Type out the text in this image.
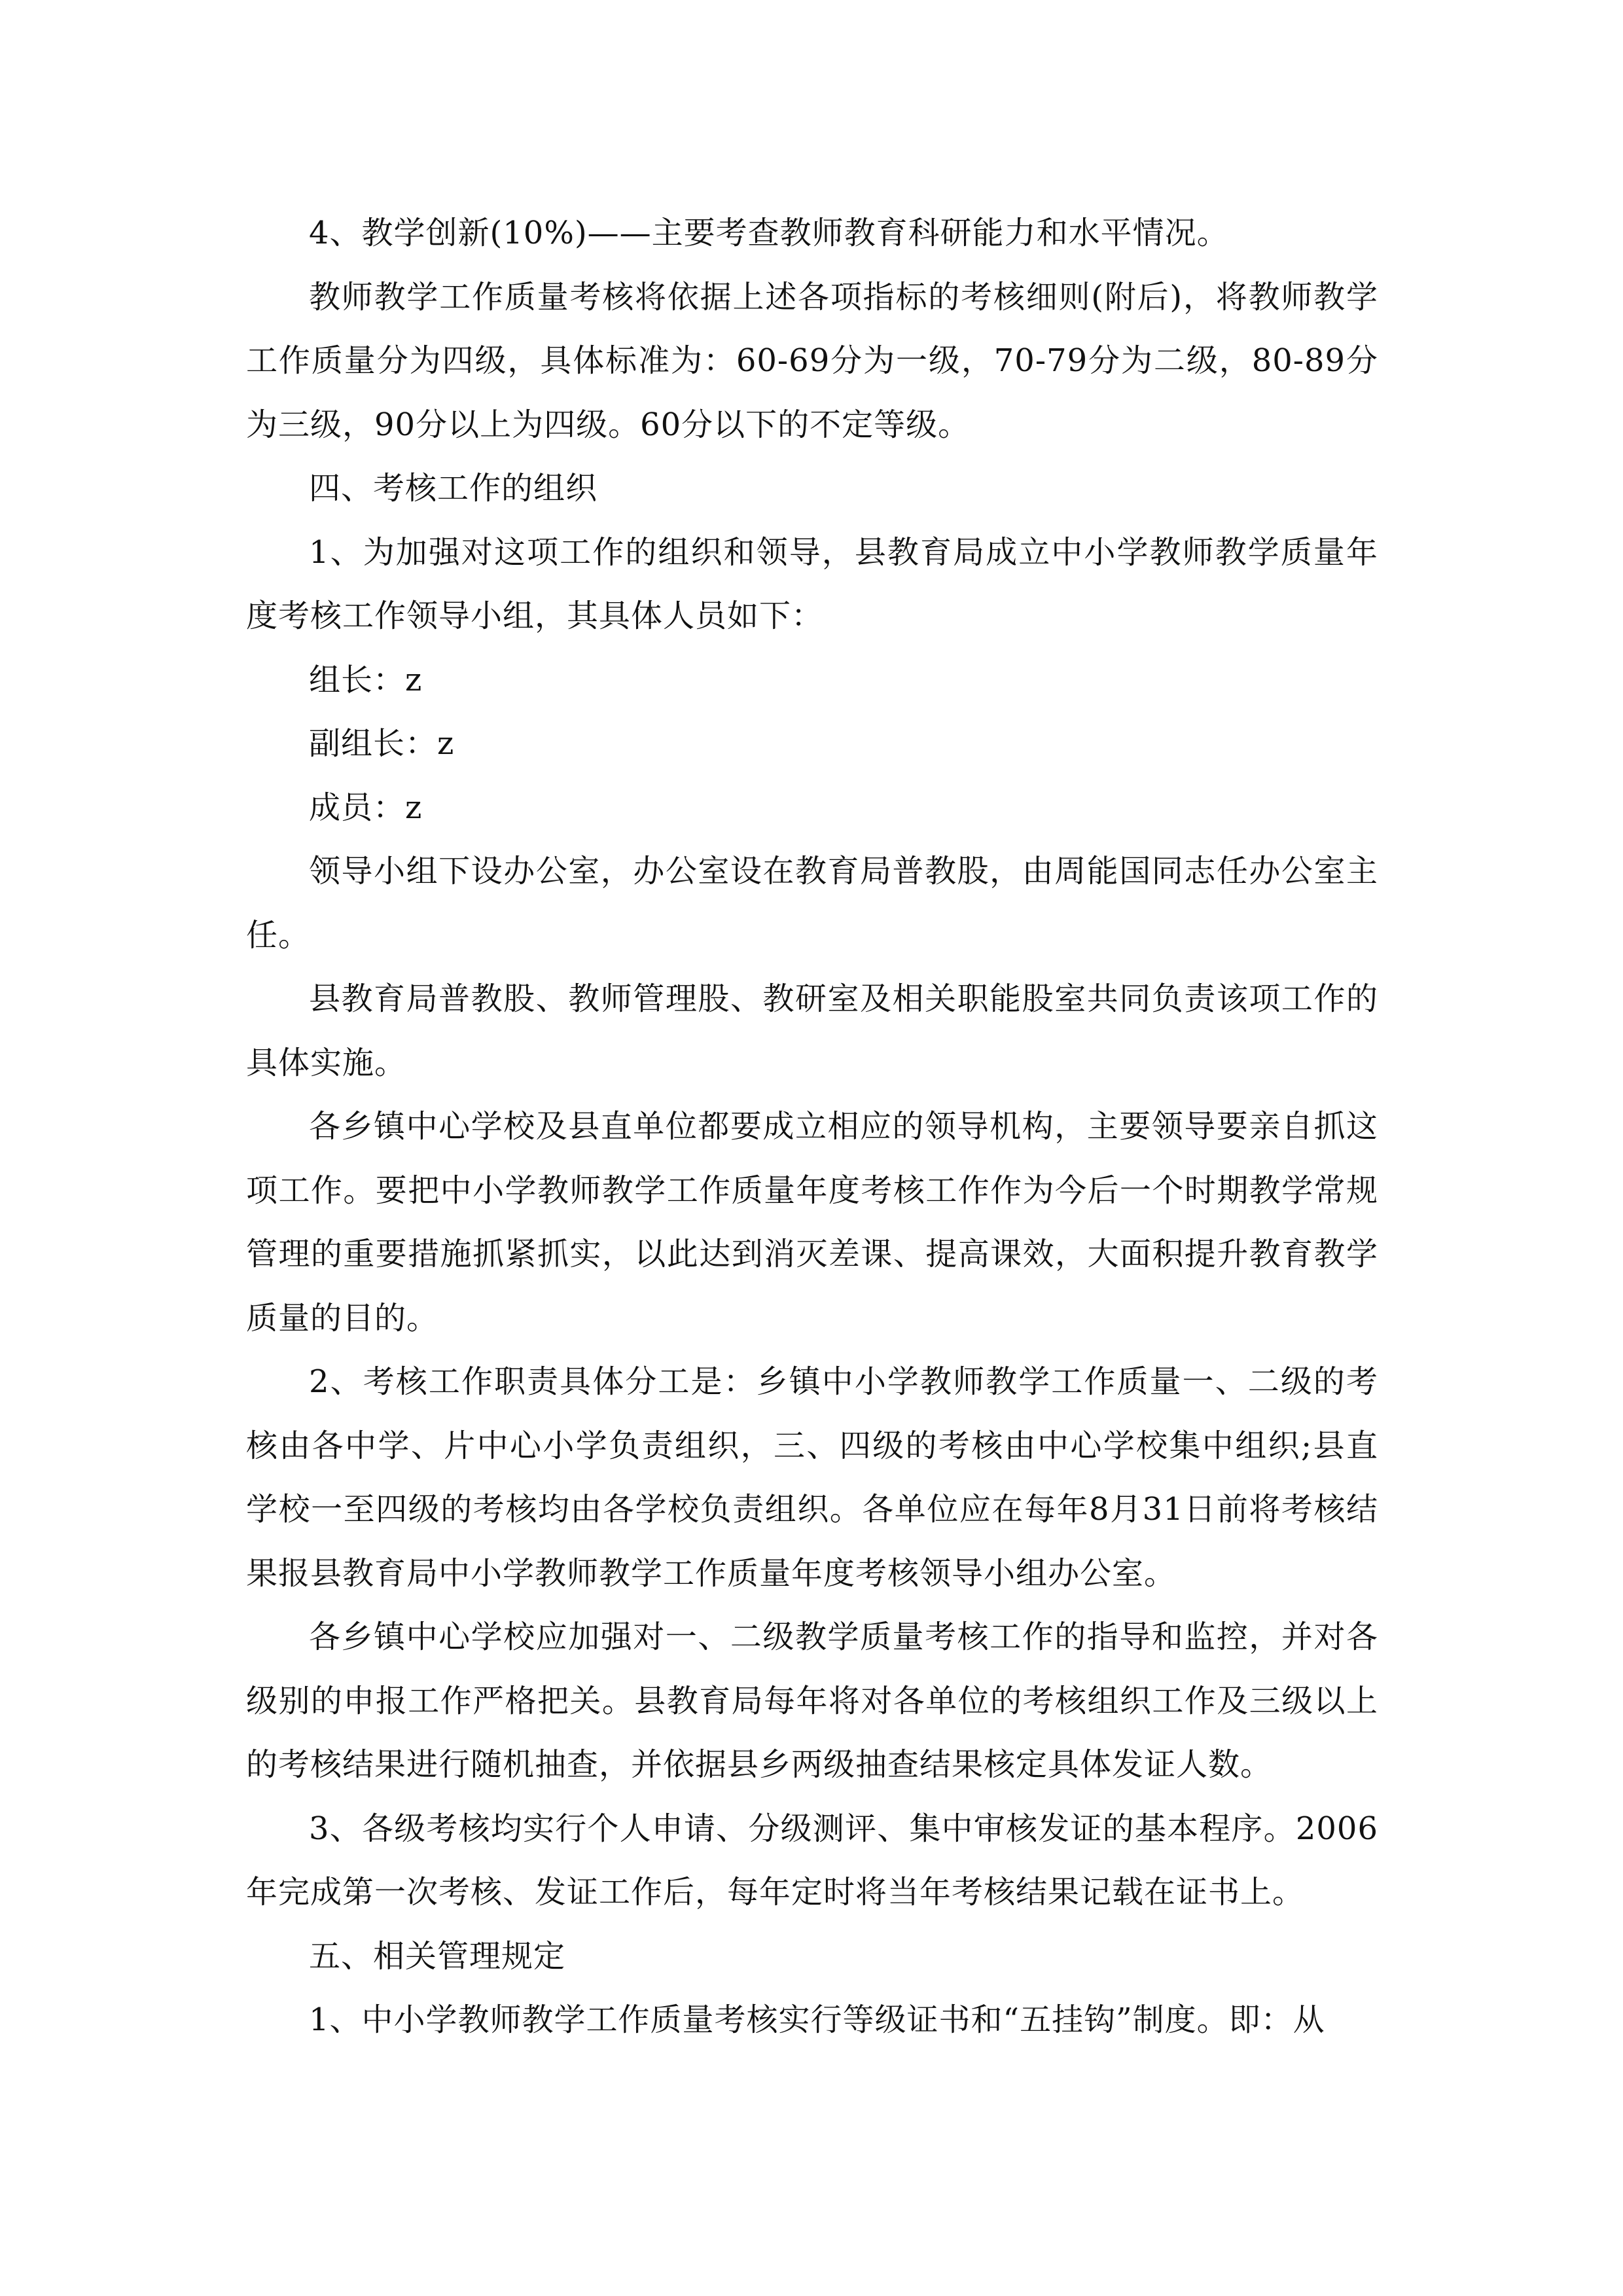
4、教学创新(10%)——主要考查教师教育科研能力和水平情况。

教师教学工作质量考核将依据上述各项指标的考核细则(附后)，将教师教学工作质量分为四级，具体标准为：60-69分为一级，70-79分为二级，80-89分为三级，90分以上为四级。60分以下的不定等级。

四、考核工作的组织

1、为加强对这项工作的组织和领导，县教育局成立中小学教师教学质量年度考核工作领导小组，其具体人员如下：

组长：z

副组长：z

成员：z

领导小组下设办公室，办公室设在教育局普教股，由周能国同志任办公室主任。

县教育局普教股、教师管理股、教研室及相关职能股室共同负责该项工作的具体实施。

各乡镇中心学校及县直单位都要成立相应的领导机构，主要领导要亲自抓这项工作。要把中小学教师教学工作质量年度考核工作作为今后一个时期教学常规管理的重要措施抓紧抓实，以此达到消灭差课、提高课效，大面积提升教育教学质量的目的。

2、考核工作职责具体分工是：乡镇中小学教师教学工作质量一、二级的考核由各中学、片中心小学负责组织，三、四级的考核由中心学校集中组织;县直学校一至四级的考核均由各学校负责组织。各单位应在每年8月31日前将考核结果报县教育局中小学教师教学工作质量年度考核领导小组办公室。

各乡镇中心学校应加强对一、二级教学质量考核工作的指导和监控，并对各级别的申报工作严格把关。县教育局每年将对各单位的考核组织工作及三级以上的考核结果进行随机抽查，并依据县乡两级抽查结果核定具体发证人数。

3、各级考核均实行个人申请、分级测评、集中审核发证的基本程序。2006年完成第一次考核、发证工作后，每年定时将当年考核结果记载在证书上。

五、相关管理规定

1、中小学教师教学工作质量考核实行等级证书和“五挂钩”制度。即：从
